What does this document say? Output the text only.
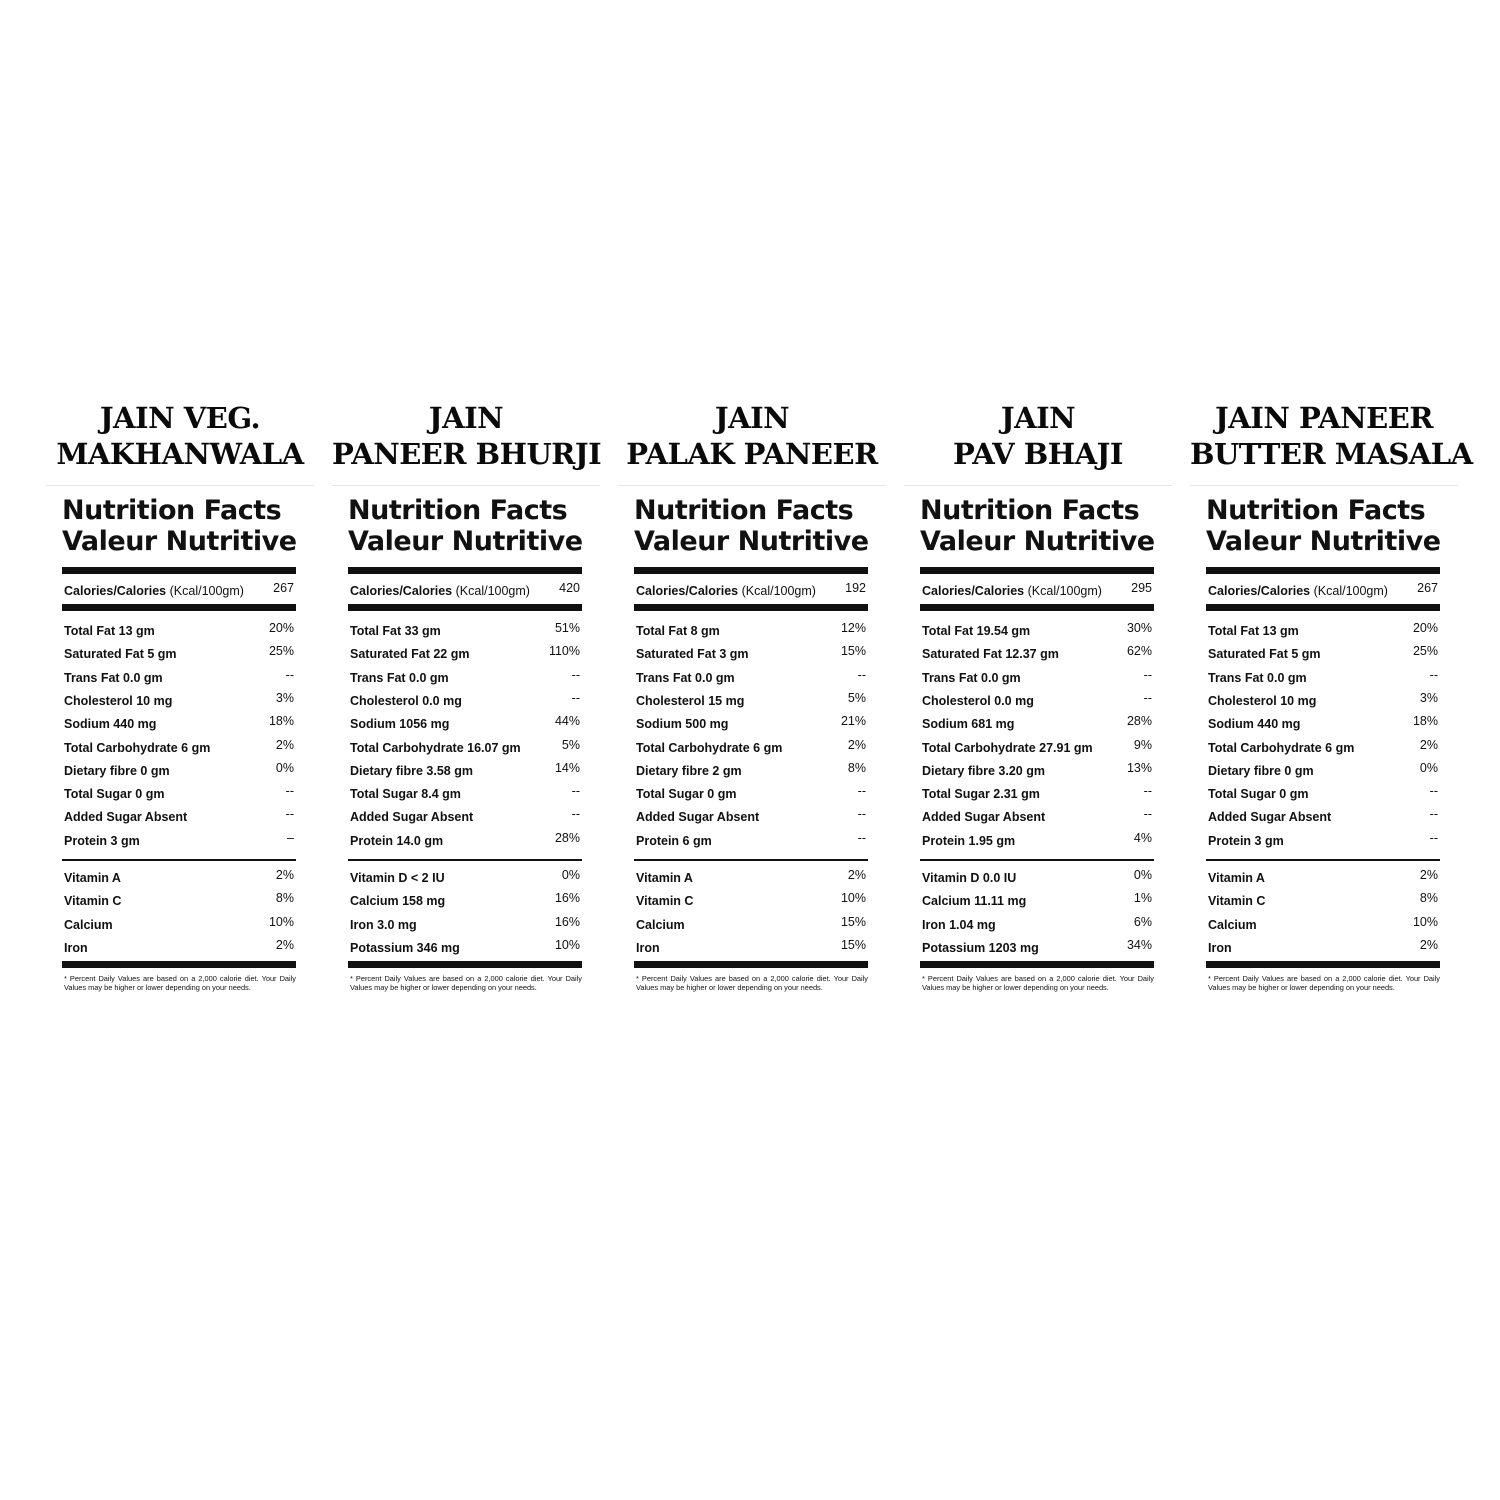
JAIN VEG.
MAKHANWALA
Nutrition Facts
Valeur Nutritive
Calories/Calories (Kcal/100gm) 267
Total Fat 13 gm	20%
Saturated Fat 5 gm	25%
Trans Fat 0.0 gm	--
Cholesterol 10 mg	3%
Sodium 440 mg	18%
Total Carbohydrate 6 gm	2%
Dietary fibre 0 gm	0%
Total Sugar 0 gm	--
Added Sugar Absent	--
Protein 3 gm	–
Vitamin A	2%
Vitamin C	8%
Calcium	10%
Iron	2%
* Percent Daily Values are based on a 2,000 calorie diet. Your Daily Values may be higher or lower depending on your needs.
JAIN
PANEER BHURJI
Nutrition Facts
Valeur Nutritive
Calories/Calories (Kcal/100gm) 420
Total Fat 33 gm	51%
Saturated Fat 22 gm	110%
Trans Fat 0.0 gm	--
Cholesterol 0.0 mg	--
Sodium 1056 mg	44%
Total Carbohydrate 16.07 gm	5%
Dietary fibre 3.58 gm	14%
Total Sugar 8.4 gm	--
Added Sugar Absent	--
Protein 14.0 gm	28%
Vitamin D < 2 IU	0%
Calcium 158 mg	16%
Iron 3.0 mg	16%
Potassium 346 mg	10%
* Percent Daily Values are based on a 2,000 calorie diet. Your Daily Values may be higher or lower depending on your needs.
JAIN
PALAK PANEER
Nutrition Facts
Valeur Nutritive
Calories/Calories (Kcal/100gm) 192
Total Fat 8 gm	12%
Saturated Fat 3 gm	15%
Trans Fat 0.0 gm	--
Cholesterol 15 mg	5%
Sodium 500 mg	21%
Total Carbohydrate 6 gm	2%
Dietary fibre 2 gm	8%
Total Sugar 0 gm	--
Added Sugar Absent	--
Protein 6 gm	--
Vitamin A	2%
Vitamin C	10%
Calcium	15%
Iron	15%
* Percent Daily Values are based on a 2,000 calorie diet. Your Daily Values may be higher or lower depending on your needs.
JAIN
PAV BHAJI
Nutrition Facts
Valeur Nutritive
Calories/Calories (Kcal/100gm) 295
Total Fat 19.54 gm	30%
Saturated Fat 12.37 gm	62%
Trans Fat 0.0 gm	--
Cholesterol 0.0 mg	--
Sodium 681 mg	28%
Total Carbohydrate 27.91 gm	9%
Dietary fibre 3.20 gm	13%
Total Sugar 2.31 gm	--
Added Sugar Absent	--
Protein 1.95 gm	4%
Vitamin D 0.0 IU	0%
Calcium 11.11 mg	1%
Iron 1.04 mg	6%
Potassium 1203 mg	34%
* Percent Daily Values are based on a 2,000 calorie diet. Your Daily Values may be higher or lower depending on your needs.
JAIN PANEER
BUTTER MASALA
Nutrition Facts
Valeur Nutritive
Calories/Calories (Kcal/100gm) 267
Total Fat 13 gm	20%
Saturated Fat 5 gm	25%
Trans Fat 0.0 gm	--
Cholesterol 10 mg	3%
Sodium 440 mg	18%
Total Carbohydrate 6 gm	2%
Dietary fibre 0 gm	0%
Total Sugar 0 gm	--
Added Sugar Absent	--
Protein 3 gm	--
Vitamin A	2%
Vitamin C	8%
Calcium	10%
Iron	2%
* Percent Daily Values are based on a 2,000 calorie diet. Your Daily Values may be higher or lower depending on your needs.
